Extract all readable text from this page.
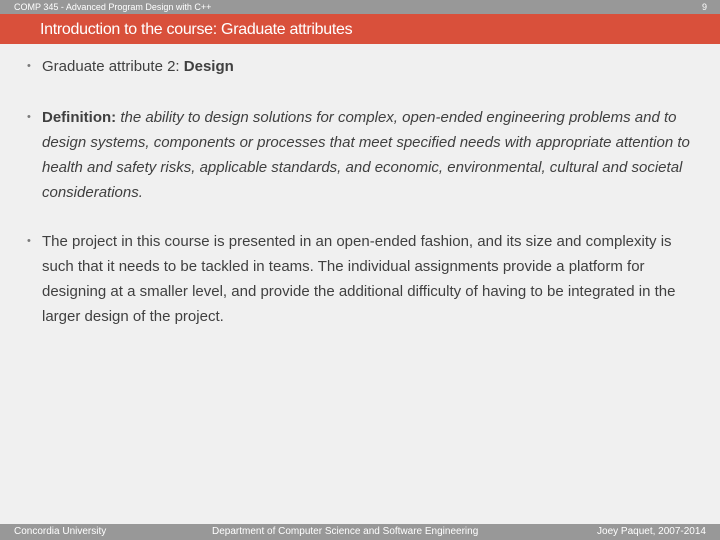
COMP 345 - Advanced Program Design with C++	9
Introduction to the course: Graduate attributes
• Graduate attribute 2: Design
• Definition: the ability to design solutions for complex, open-ended engineering problems and to design systems, components or processes that meet specified needs with appropriate attention to health and safety risks, applicable standards, and economic, environmental, cultural and societal considerations.
• The project in this course is presented in an open-ended fashion, and its size and complexity is such that it needs to be tackled in teams. The individual assignments provide a platform for designing at a smaller level, and provide the additional difficulty of having to be integrated in the larger design of the project.
Concordia University	Department of Computer Science and Software Engineering	Joey Paquet, 2007-2014
